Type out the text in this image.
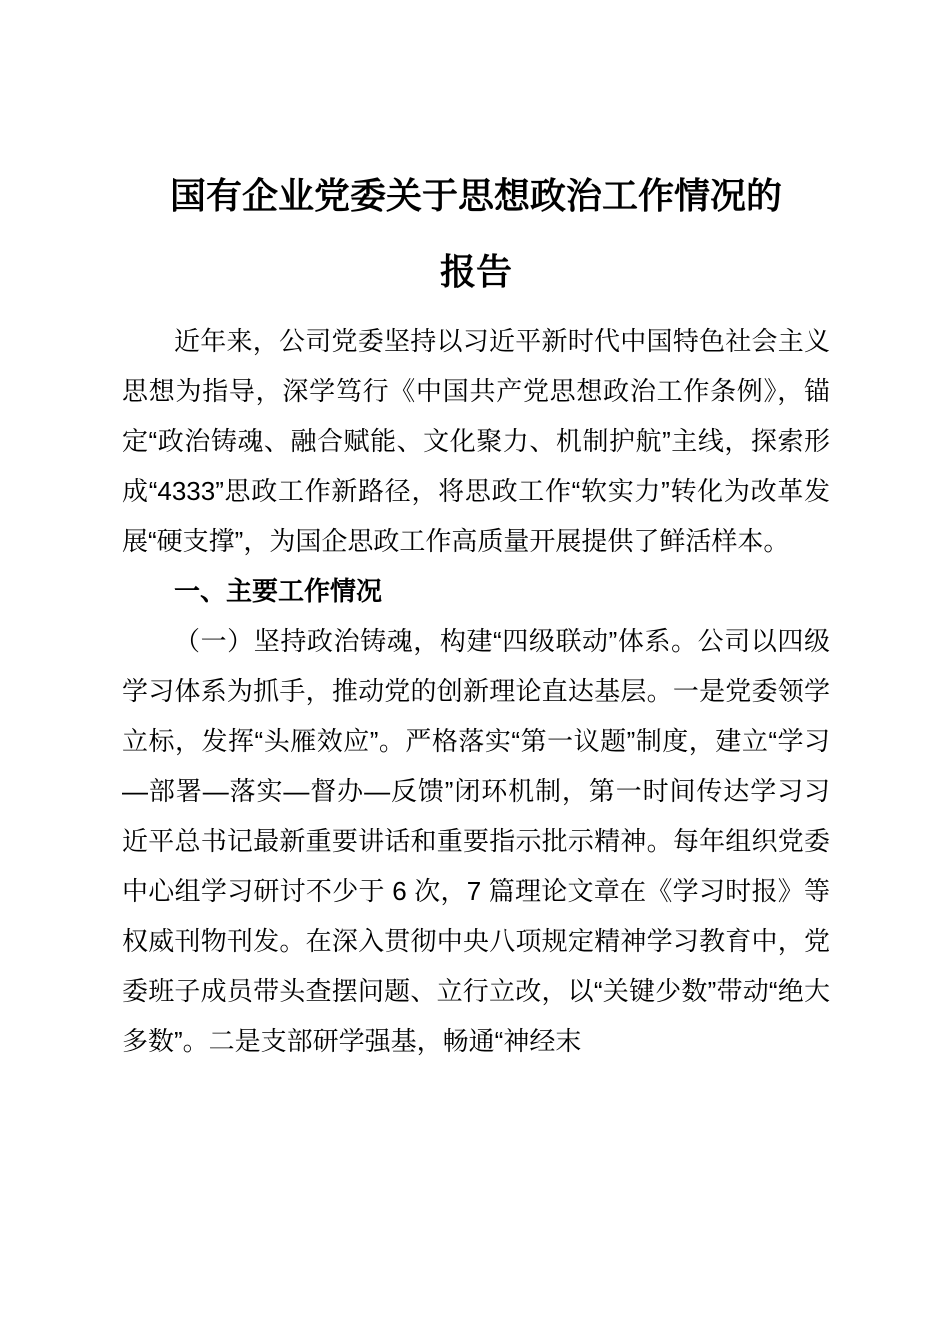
国有企业党委关于思想政治工作情况的
报告

近年来，公司党委坚持以习近平新时代中国特色社会主义思想为指导，深学笃行《中国共产党思想政治工作条例》，锚定“政治铸魂、融合赋能、文化聚力、机制护航”主线，探索形成“4333”思政工作新路径，将思政工作“软实力”转化为改革发展“硬支撑”，为国企思政工作高质量开展提供了鲜活样本。

一、主要工作情况

（一）坚持政治铸魂，构建“四级联动”体系。公司以四级学习体系为抓手，推动党的创新理论直达基层。一是党委领学立标，发挥“头雁效应”。严格落实“第一议题”制度，建立“学习—部署—落实—督办—反馈”闭环机制，第一时间传达学习习近平总书记最新重要讲话和重要指示批示精神。每年组织党委中心组学习研讨不少于 6 次，7 篇理论文章在《学习时报》等权威刊物刊发。在深入贯彻中央八项规定精神学习教育中，党委班子成员带头查摆问题、立行立改，以“关键少数”带动“绝大多数”。二是支部研学强基，畅通“神经末
